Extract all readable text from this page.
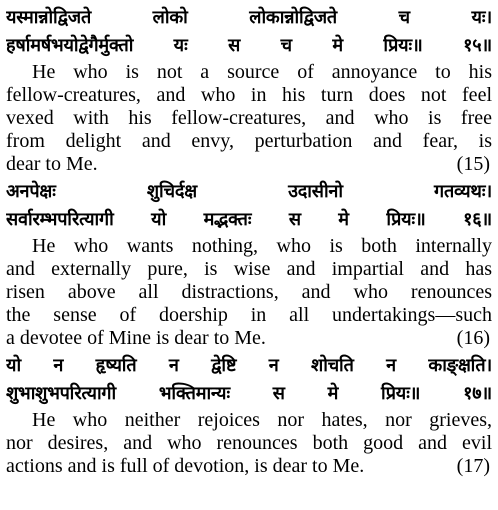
यस्मान्नोद्विजते लोको लोकान्नोद्विजते च यः।
हर्षामर्षभयोद्वेगैर्मुक्तो यः स च मे प्रियः॥ १५॥
He who is not a source of annoyance to his
fellow-creatures, and who in his turn does not feel
vexed with his fellow-creatures, and who is free
from delight and envy, perturbation and fear, is
dear to Me.	(15)
अनपेक्षः शुचिर्दक्ष उदासीनो गतव्यथः।
सर्वारम्भपरित्यागी यो मद्भक्तः स मे प्रियः॥ १६॥
He who wants nothing, who is both internally
and externally pure, is wise and impartial and has
risen above all distractions, and who renounces
the sense of doership in all undertakings—such
a devotee of Mine is dear to Me.	(16)
यो न हृष्यति न द्वेष्टि न शोचति न काङ्क्षति।
शुभाशुभपरित्यागी भक्तिमान्यः स मे प्रियः॥ १७॥
He who neither rejoices nor hates, nor grieves,
nor desires, and who renounces both good and evil
actions and is full of devotion, is dear to Me.	(17)
